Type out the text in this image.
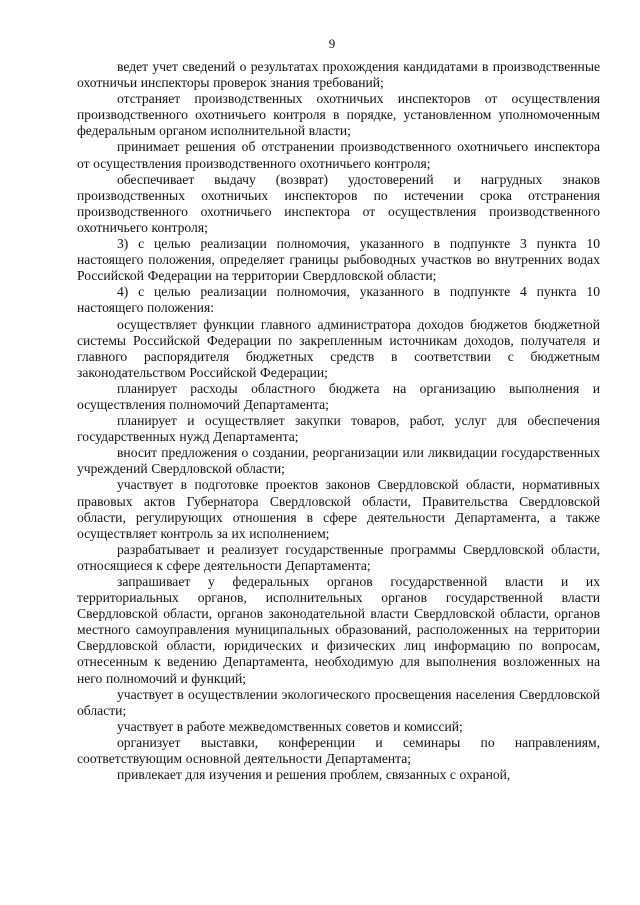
9

ведет учет сведений о результатах прохождения кандидатами в производственные охотничьи инспекторы проверок знания требований;

отстраняет производственных охотничьих инспекторов от осуществления производственного охотничьего контроля в порядке, установленном уполномоченным федеральным органом исполнительной власти;

принимает решения об отстранении производственного охотничьего инспектора от осуществления производственного охотничьего контроля;

обеспечивает выдачу (возврат) удостоверений и нагрудных знаков производственных охотничьих инспекторов по истечении срока отстранения производственного охотничьего инспектора от осуществления производственного охотничьего контроля;

3) с целью реализации полномочия, указанного в подпункте 3 пункта 10 настоящего положения, определяет границы рыбоводных участков во внутренних водах Российской Федерации на территории Свердловской области;

4) с целью реализации полномочия, указанного в подпункте 4 пункта 10 настоящего положения:

осуществляет функции главного администратора доходов бюджетов бюджетной системы Российской Федерации по закрепленным источникам доходов, получателя и главного распорядителя бюджетных средств в соответствии с бюджетным законодательством Российской Федерации;

планирует расходы областного бюджета на организацию выполнения и осуществления полномочий Департамента;

планирует и осуществляет закупки товаров, работ, услуг для обеспечения государственных нужд Департамента;

вносит предложения о создании, реорганизации или ликвидации государственных учреждений Свердловской области;

участвует в подготовке проектов законов Свердловской области, нормативных правовых актов Губернатора Свердловской области, Правительства Свердловской области, регулирующих отношения в сфере деятельности Департамента, а также осуществляет контроль за их исполнением;

разрабатывает и реализует государственные программы Свердловской области, относящиеся к сфере деятельности Департамента;

запрашивает у федеральных органов государственной власти и их территориальных органов, исполнительных органов государственной власти Свердловской области, органов законодательной власти Свердловской области, органов местного самоуправления муниципальных образований, расположенных на территории Свердловской области, юридических и физических лиц информацию по вопросам, отнесенным к ведению Департамента, необходимую для выполнения возложенных на него полномочий и функций;

участвует в осуществлении экологического просвещения населения Свердловской области;

участвует в работе межведомственных советов и комиссий;

организует выставки, конференции и семинары по направлениям, соответствующим основной деятельности Департамента;

привлекает для изучения и решения проблем, связанных с охраной,
